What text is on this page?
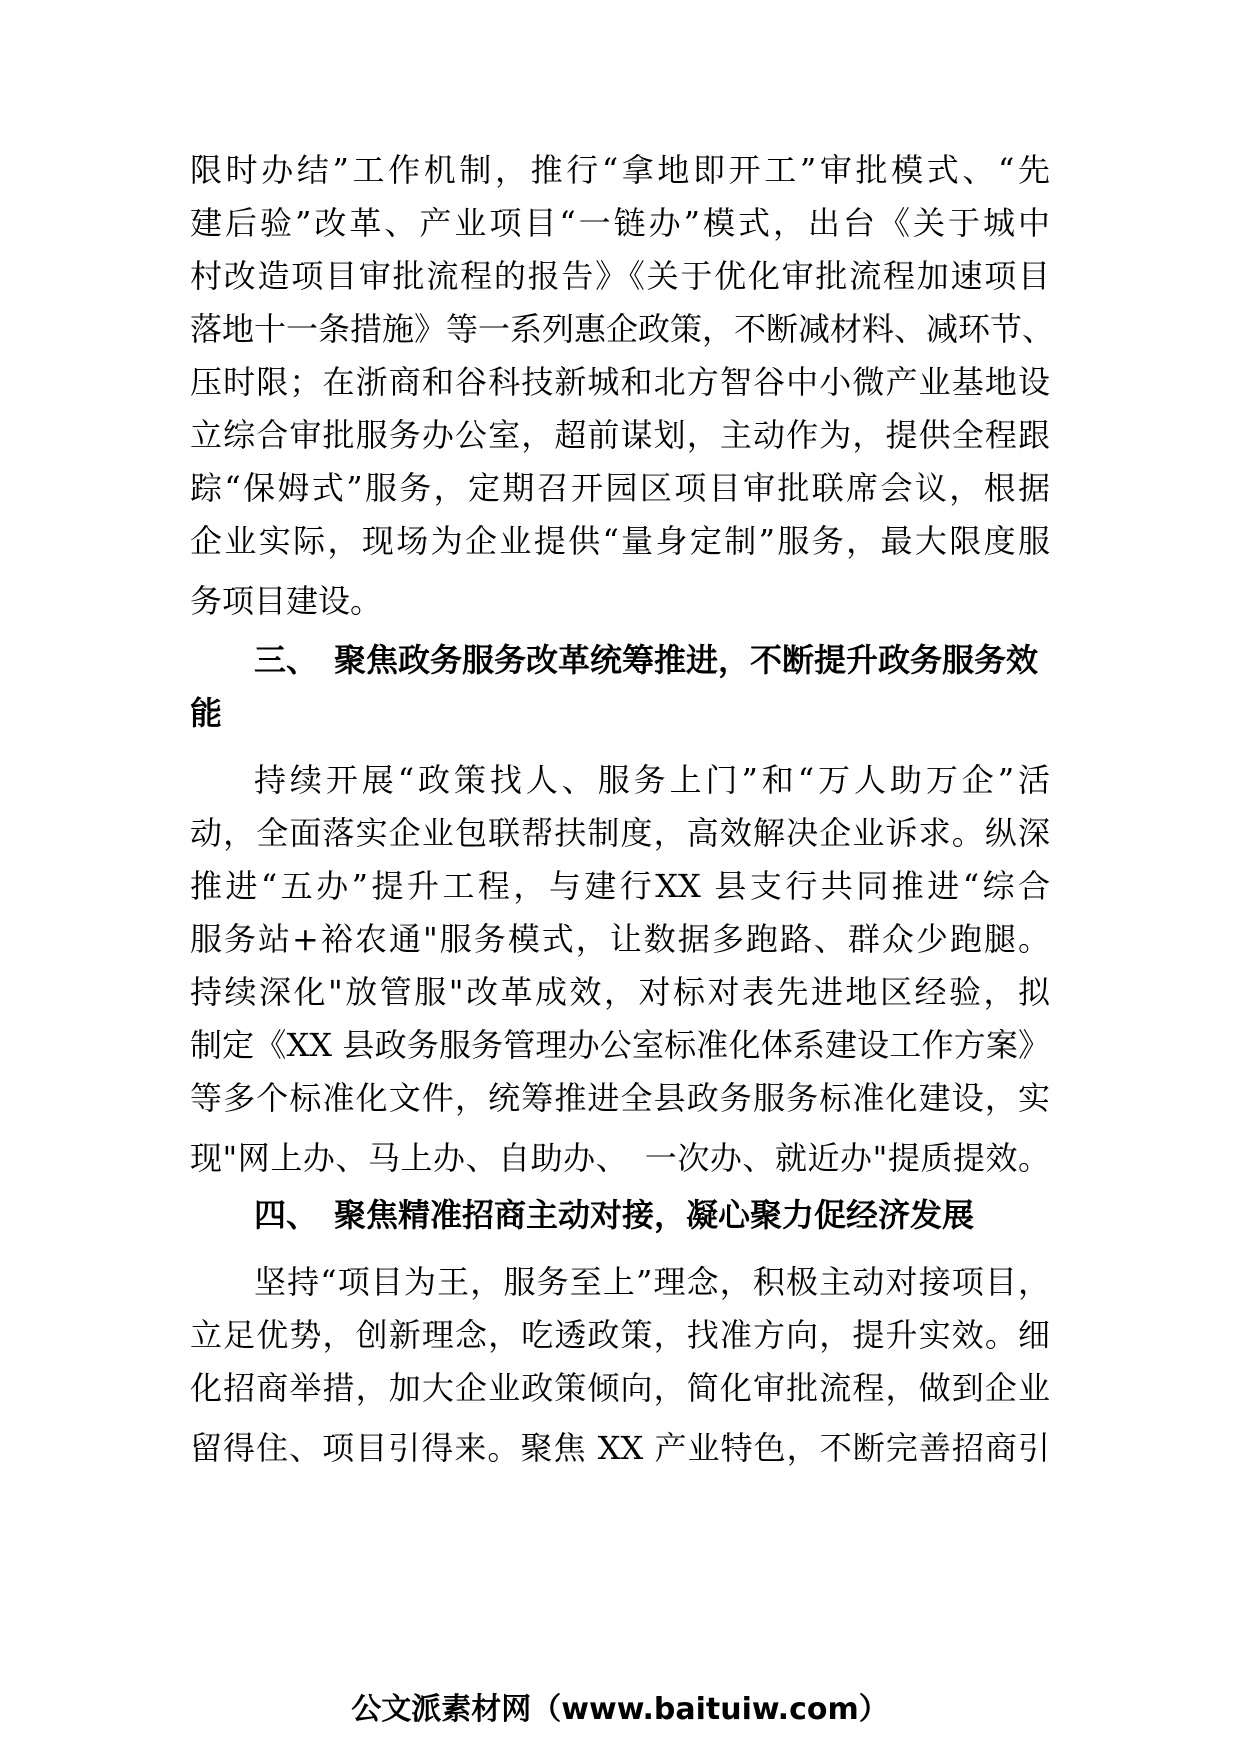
限时办结”工作机制，推行“拿地即开工”审批模式、“先
建后验”改革、产业项目“一链办”模式，出台《关于城中
村改造项目审批流程的报告》《关于优化审批流程加速项目
落地十一条措施》等一系列惠企政策，不断减材料、减环节、
压时限；在浙商和谷科技新城和北方智谷中小微产业基地设
立综合审批服务办公室，超前谋划，主动作为，提供全程跟
踪“保姆式”服务，定期召开园区项目审批联席会议，根据
企业实际，现场为企业提供“量身定制”服务，最大限度服
务项目建设。
三、　聚焦政务服务改革统筹推进，不断提升政务服务效
能
持续开展“政策找人、服务上门”和“万人助万企”活
动，全面落实企业包联帮扶制度，高效解决企业诉求。纵深
推进“五办”提升工程，与建行XX 县支行共同推进“综合
服务站+裕农通"服务模式，让数据多跑路、群众少跑腿。
持续深化"放管服"改革成效，对标对表先进地区经验，拟
制定《XX 县政务服务管理办公室标准化体系建设工作方案》
等多个标准化文件，统筹推进全县政务服务标准化建设，实
现"网上办、马上办、自助办、　一次办、就近办"提质提效。
四、　聚焦精准招商主动对接，凝心聚力促经济发展
坚持“项目为王，服务至上”理念，积极主动对接项目，
立足优势，创新理念，吃透政策，找准方向，提升实效。细
化招商举措，加大企业政策倾向，简化审批流程，做到企业
留得住、项目引得来。聚焦 XX 产业特色，不断完善招商引
公文派素材网（www.baituiw.com）
